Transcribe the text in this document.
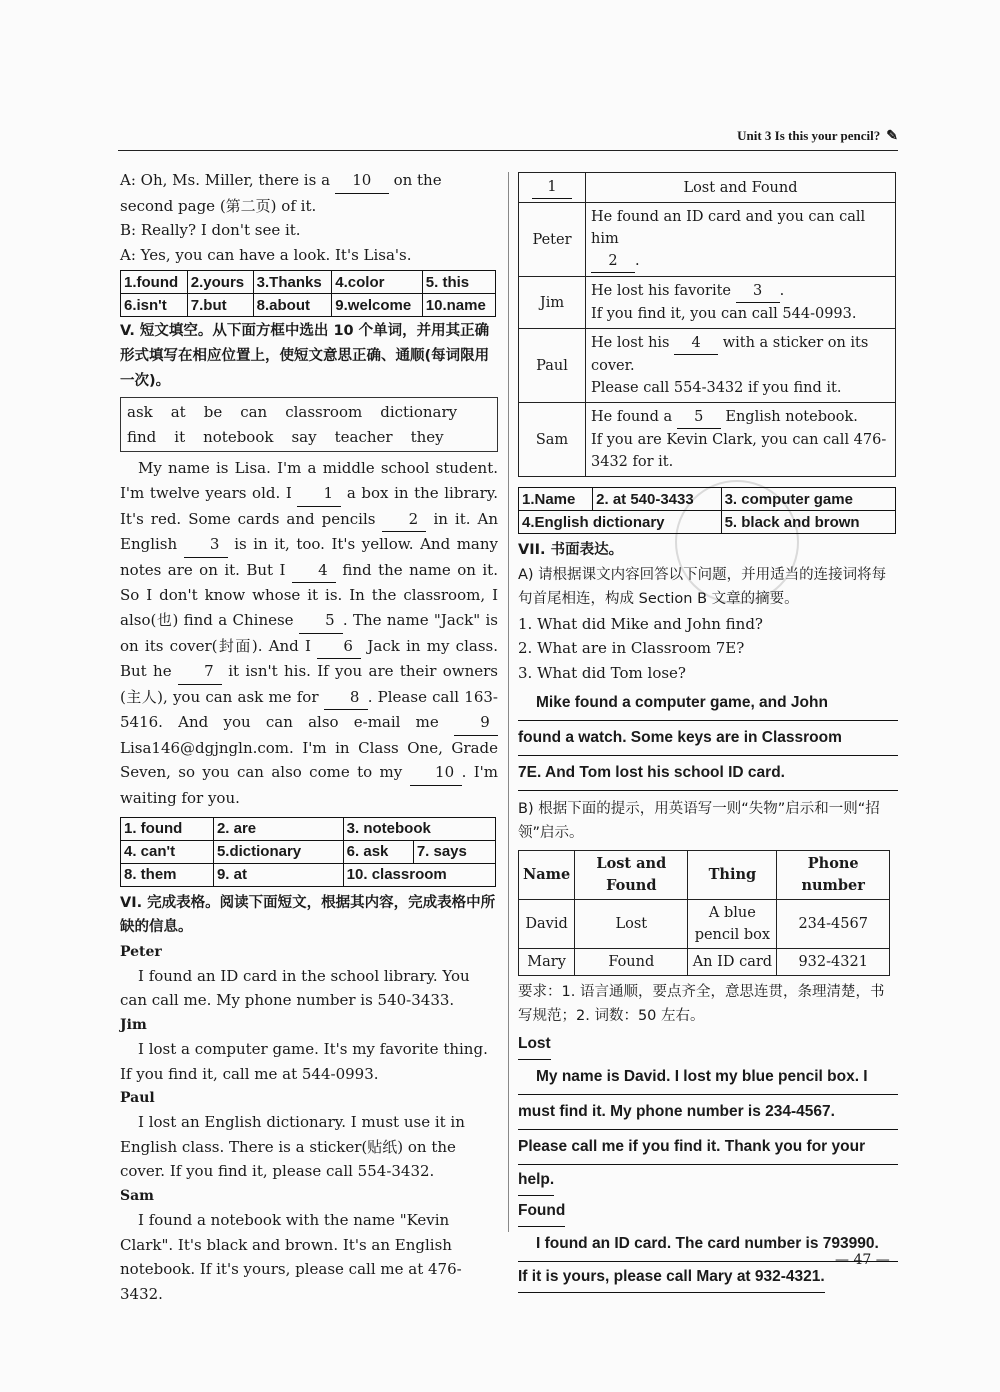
Unit 3 Is this your pencil? ✎

A: Oh, Ms. Miller, there is a 10 on the second page (第二页) of it.

B: Really? I don't see it.

A: Yes, you can have a look. It's Lisa's.

1.found	2.yours	3.Thanks	4.color	5. this
6.isn't	7.but	8.about	9.welcome	10.name

V. 短文填空。从下面方框中选出 10 个单词，并用其正确形式填写在相应位置上，使短文意思正确、通顺(每词限用一次)。

ask at be can classroom dictionary

find it notebook say teacher they

My name is Lisa. I'm a middle school student. I'm twelve years old. I 1 a box in the library. It's red. Some cards and pencils 2 in it. An English 3 is in it, too. It's yellow. And many notes are on it. But I 4 find the name on it. So I don't know whose it is. In the classroom, I also(也) find a Chinese 5 . The name "Jack" is on its cover(封面). And I 6 Jack in my class. But he 7 it isn't his. If you are their owners (主人), you can ask me for 8 . Please call 163-5416. And you can also e-mail me 9 Lisa146@dgjngln.com. I'm in Class One, Grade Seven, so you can also come to my 10 . I'm waiting for you.

1. found	2. are	3. notebook	
4. can't	5.dictionary	6. ask	7. says
8. them	9. at	10. classroom	

VI. 完成表格。阅读下面短文，根据其内容，完成表格中所缺的信息。

Peter

I found an ID card in the school library. You can call me. My phone number is 540-3433.

Jim

I lost a computer game. It's my favorite thing. If you find it, call me at 544-0993.

Paul

I lost an English dictionary. I must use it in English class. There is a sticker(贴纸) on the cover. If you find it, please call 554-3432.

Sam

I found a notebook with the name "Kevin Clark". It's black and brown. It's an English notebook. If it's yours, please call me at 476-3432.

1	Lost and Found
Peter	He found an ID card and you can call him
2 .
Jim	He lost his favorite 3 .
If you find it, you can call 544-0993.
Paul	He lost his 4 with a sticker on its cover.
Please call 554-3432 if you find it.
Sam	He found a 5 English notebook.
If you are Kevin Clark, you can call 476-3432 for it.
1.Name	2. at 540-3433	3. computer game
4.English dictionary		5. black and brown

VII. 书面表达。

A) 请根据课文内容回答以下问题，并用适当的连接词将每句首尾相连，构成 Section B 文章的摘要。

1. What did Mike and John find?

2. What are in Classroom 7E?

3. What did Tom lose?

Mike found a computer game, and John
found a watch. Some keys are in Classroom
7E. And Tom lost his school ID card.

B) 根据下面的提示，用英语写一则“失物”启示和一则“招领”启示。

Name	Lost and Found	Thing	Phone number
David	Lost	A blue pencil box	234-4567
Mary	Found	An ID card	932-4321

要求：1. 语言通顺，要点齐全，意思连贯，条理清楚，书写规范；2. 词数：50 左右。

Lost
My name is David. I lost my blue pencil box. I
must find it. My phone number is 234-4567.
Please call me if you find it. Thank you for your
help.
Found
I found an ID card. The card number is 793990.
If it is yours, please call Mary at 932-4321.
— 47 —
